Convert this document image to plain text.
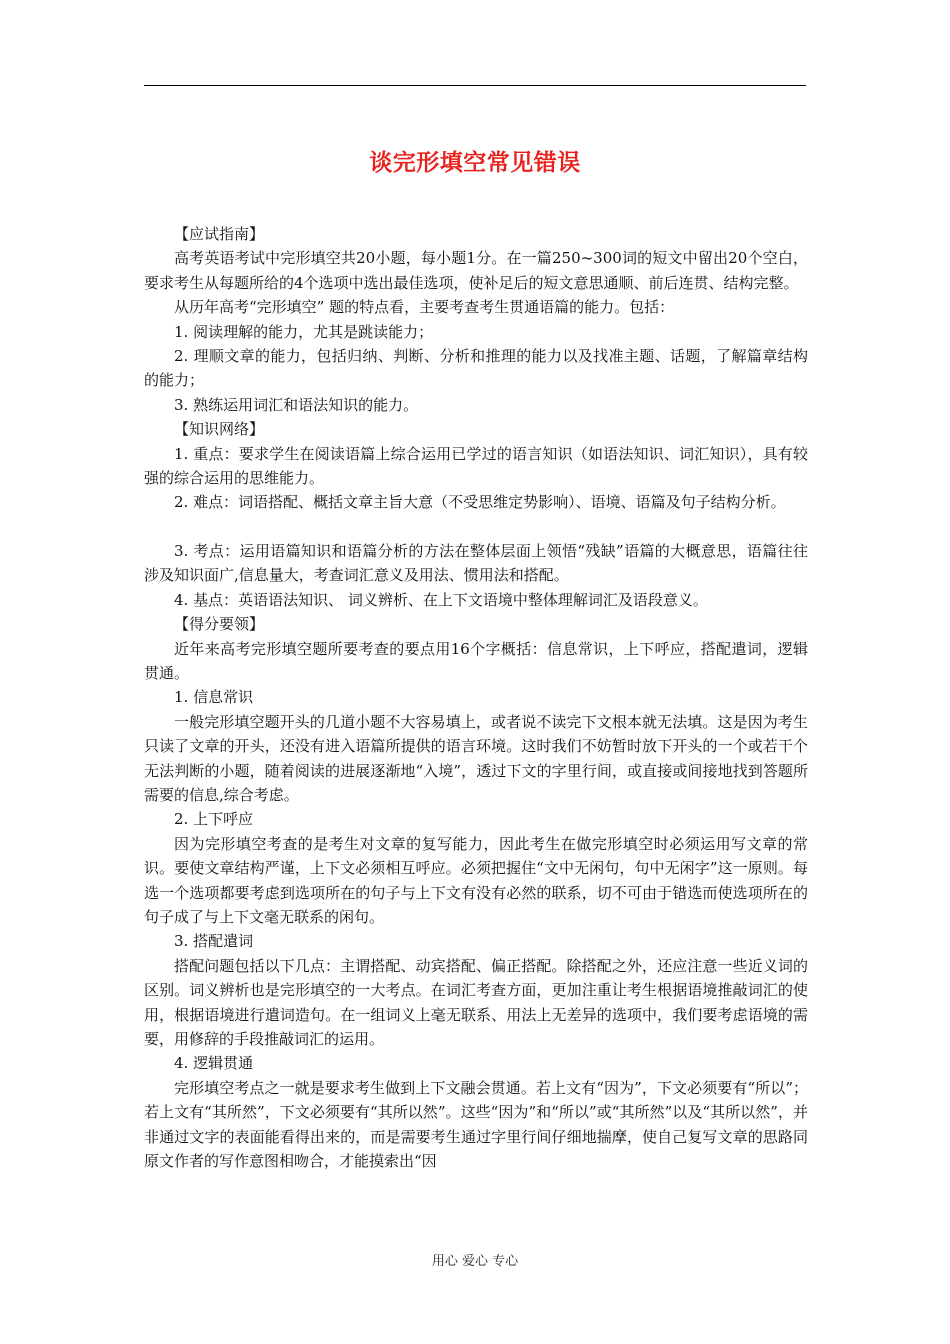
谈完形填空常见错误

【应试指南】

高考英语考试中完形填空共20小题，每小题1分。在一篇250~300词的短文中留出20个空白，要求考生从每题所给的4个选项中选出最佳选项，使补足后的短文意思通顺、前后连贯、结构完整。

从历年高考“完形填空” 题的特点看，主要考查考生贯通语篇的能力。包括：

1. 阅读理解的能力，尤其是跳读能力；

2. 理顺文章的能力，包括归纳、判断、分析和推理的能力以及找准主题、话题，了解篇章结构的能力；

3. 熟练运用词汇和语法知识的能力。

【知识网络】

1. 重点：要求学生在阅读语篇上综合运用已学过的语言知识（如语法知识、词汇知识），具有较强的综合运用的思维能力。

2. 难点：词语搭配、概括文章主旨大意（不受思维定势影响）、语境、语篇及句子结构分析。

3. 考点：运用语篇知识和语篇分析的方法在整体层面上领悟“残缺”语篇的大概意思，语篇往往涉及知识面广,信息量大，考查词汇意义及用法、惯用法和搭配。

4. 基点：英语语法知识、 词义辨析、在上下文语境中整体理解词汇及语段意义。

【得分要领】

近年来高考完形填空题所要考查的要点用16个字概括：信息常识，上下呼应，搭配遣词，逻辑贯通。

1. 信息常识

一般完形填空题开头的几道小题不大容易填上，或者说不读完下文根本就无法填。这是因为考生只读了文章的开头，还没有进入语篇所提供的语言环境。这时我们不妨暂时放下开头的一个或若干个无法判断的小题，随着阅读的进展逐渐地“入境”，透过下文的字里行间，或直接或间接地找到答题所需要的信息,综合考虑。

2. 上下呼应

因为完形填空考查的是考生对文章的复写能力，因此考生在做完形填空时必须运用写文章的常识。要使文章结构严谨，上下文必须相互呼应。必须把握住“文中无闲句，句中无闲字”这一原则。每选一个选项都要考虑到选项所在的句子与上下文有没有必然的联系，切不可由于错选而使选项所在的句子成了与上下文毫无联系的闲句。

3. 搭配遣词

搭配问题包括以下几点：主谓搭配、动宾搭配、偏正搭配。除搭配之外，还应注意一些近义词的区别。词义辨析也是完形填空的一大考点。在词汇考查方面，更加注重让考生根据语境推敲词汇的使用，根据语境进行遣词造句。在一组词义上毫无联系、用法上无差异的选项中，我们要考虑语境的需要，用修辞的手段推敲词汇的运用。

4. 逻辑贯通

完形填空考点之一就是要求考生做到上下文融会贯通。若上文有“因为”，下文必须要有“所以”；若上文有“其所然”，下文必须要有“其所以然”。这些“因为”和“所以”或“其所然”以及“其所以然”，并非通过文字的表面能看得出来的，而是需要考生通过字里行间仔细地揣摩，使自己复写文章的思路同原文作者的写作意图相吻合，才能摸索出“因

用心 爱心 专心
